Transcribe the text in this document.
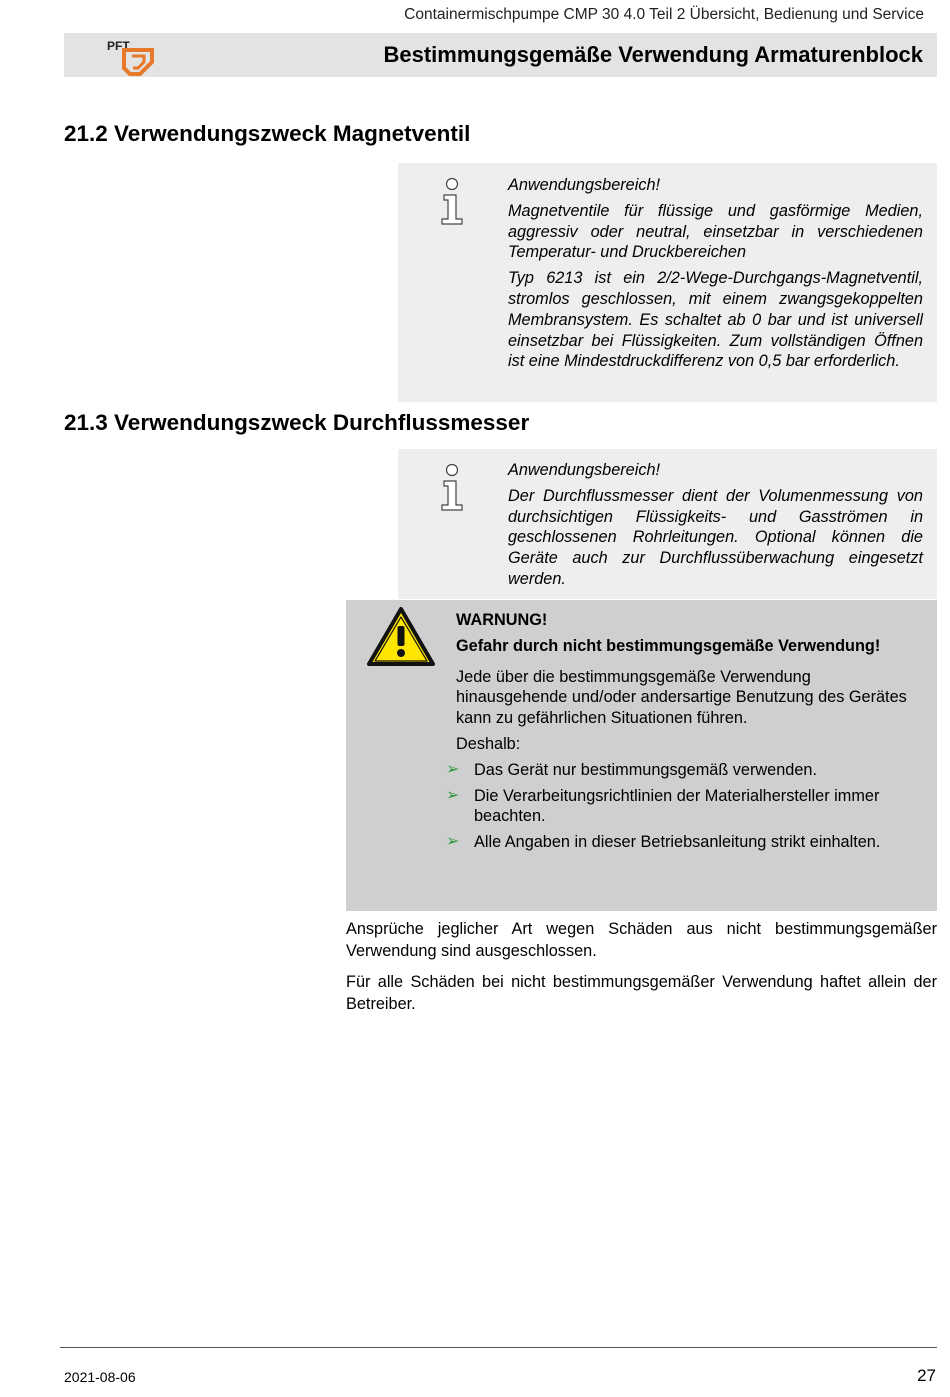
Containermischpumpe CMP 30 4.0 Teil 2 Übersicht, Bedienung und Service
PFT	Bestimmungsgemäße Verwendung Armaturenblock
21.2 Verwendungszweck Magnetventil

Anwendungsbereich!

Magnetventile für flüssige und gasförmige Medien, aggressiv oder neutral, einsetzbar in verschiedenen Temperatur- und Druckbereichen

Typ 6213 ist ein 2/2-Wege-Durchgangs-Magnetventil, stromlos geschlossen, mit einem zwangsgekoppelten Membransystem. Es schaltet ab 0 bar und ist universell einsetzbar bei Flüssigkeiten. Zum vollständigen Öffnen ist eine Mindestdruckdifferenz von 0,5 bar erforderlich.

21.3 Verwendungszweck Durchflussmesser

Anwendungsbereich!

Der Durchflussmesser dient der Volumenmessung von durchsichtigen Flüssigkeits- und Gasströmen in geschlossenen Rohrleitungen. Optional können die Geräte auch zur Durchflussüberwachung eingesetzt werden.

WARNUNG!

Gefahr durch nicht bestimmungsgemäße Verwendung!

Jede über die bestimmungsgemäße Verwendung hinausgehende und/oder andersartige Benutzung des Gerätes kann zu gefährlichen Situationen führen.

Deshalb:

➢ Das Gerät nur bestimmungsgemäß verwenden.
➢ Die Verarbeitungsrichtlinien der Materialhersteller immer beachten.
➢ Alle Angaben in dieser Betriebsanleitung strikt einhalten.

Ansprüche jeglicher Art wegen Schäden aus nicht bestimmungsgemäßer Verwendung sind ausgeschlossen.

Für alle Schäden bei nicht bestimmungsgemäßer Verwendung haftet allein der Betreiber.

2021-08-06	27
